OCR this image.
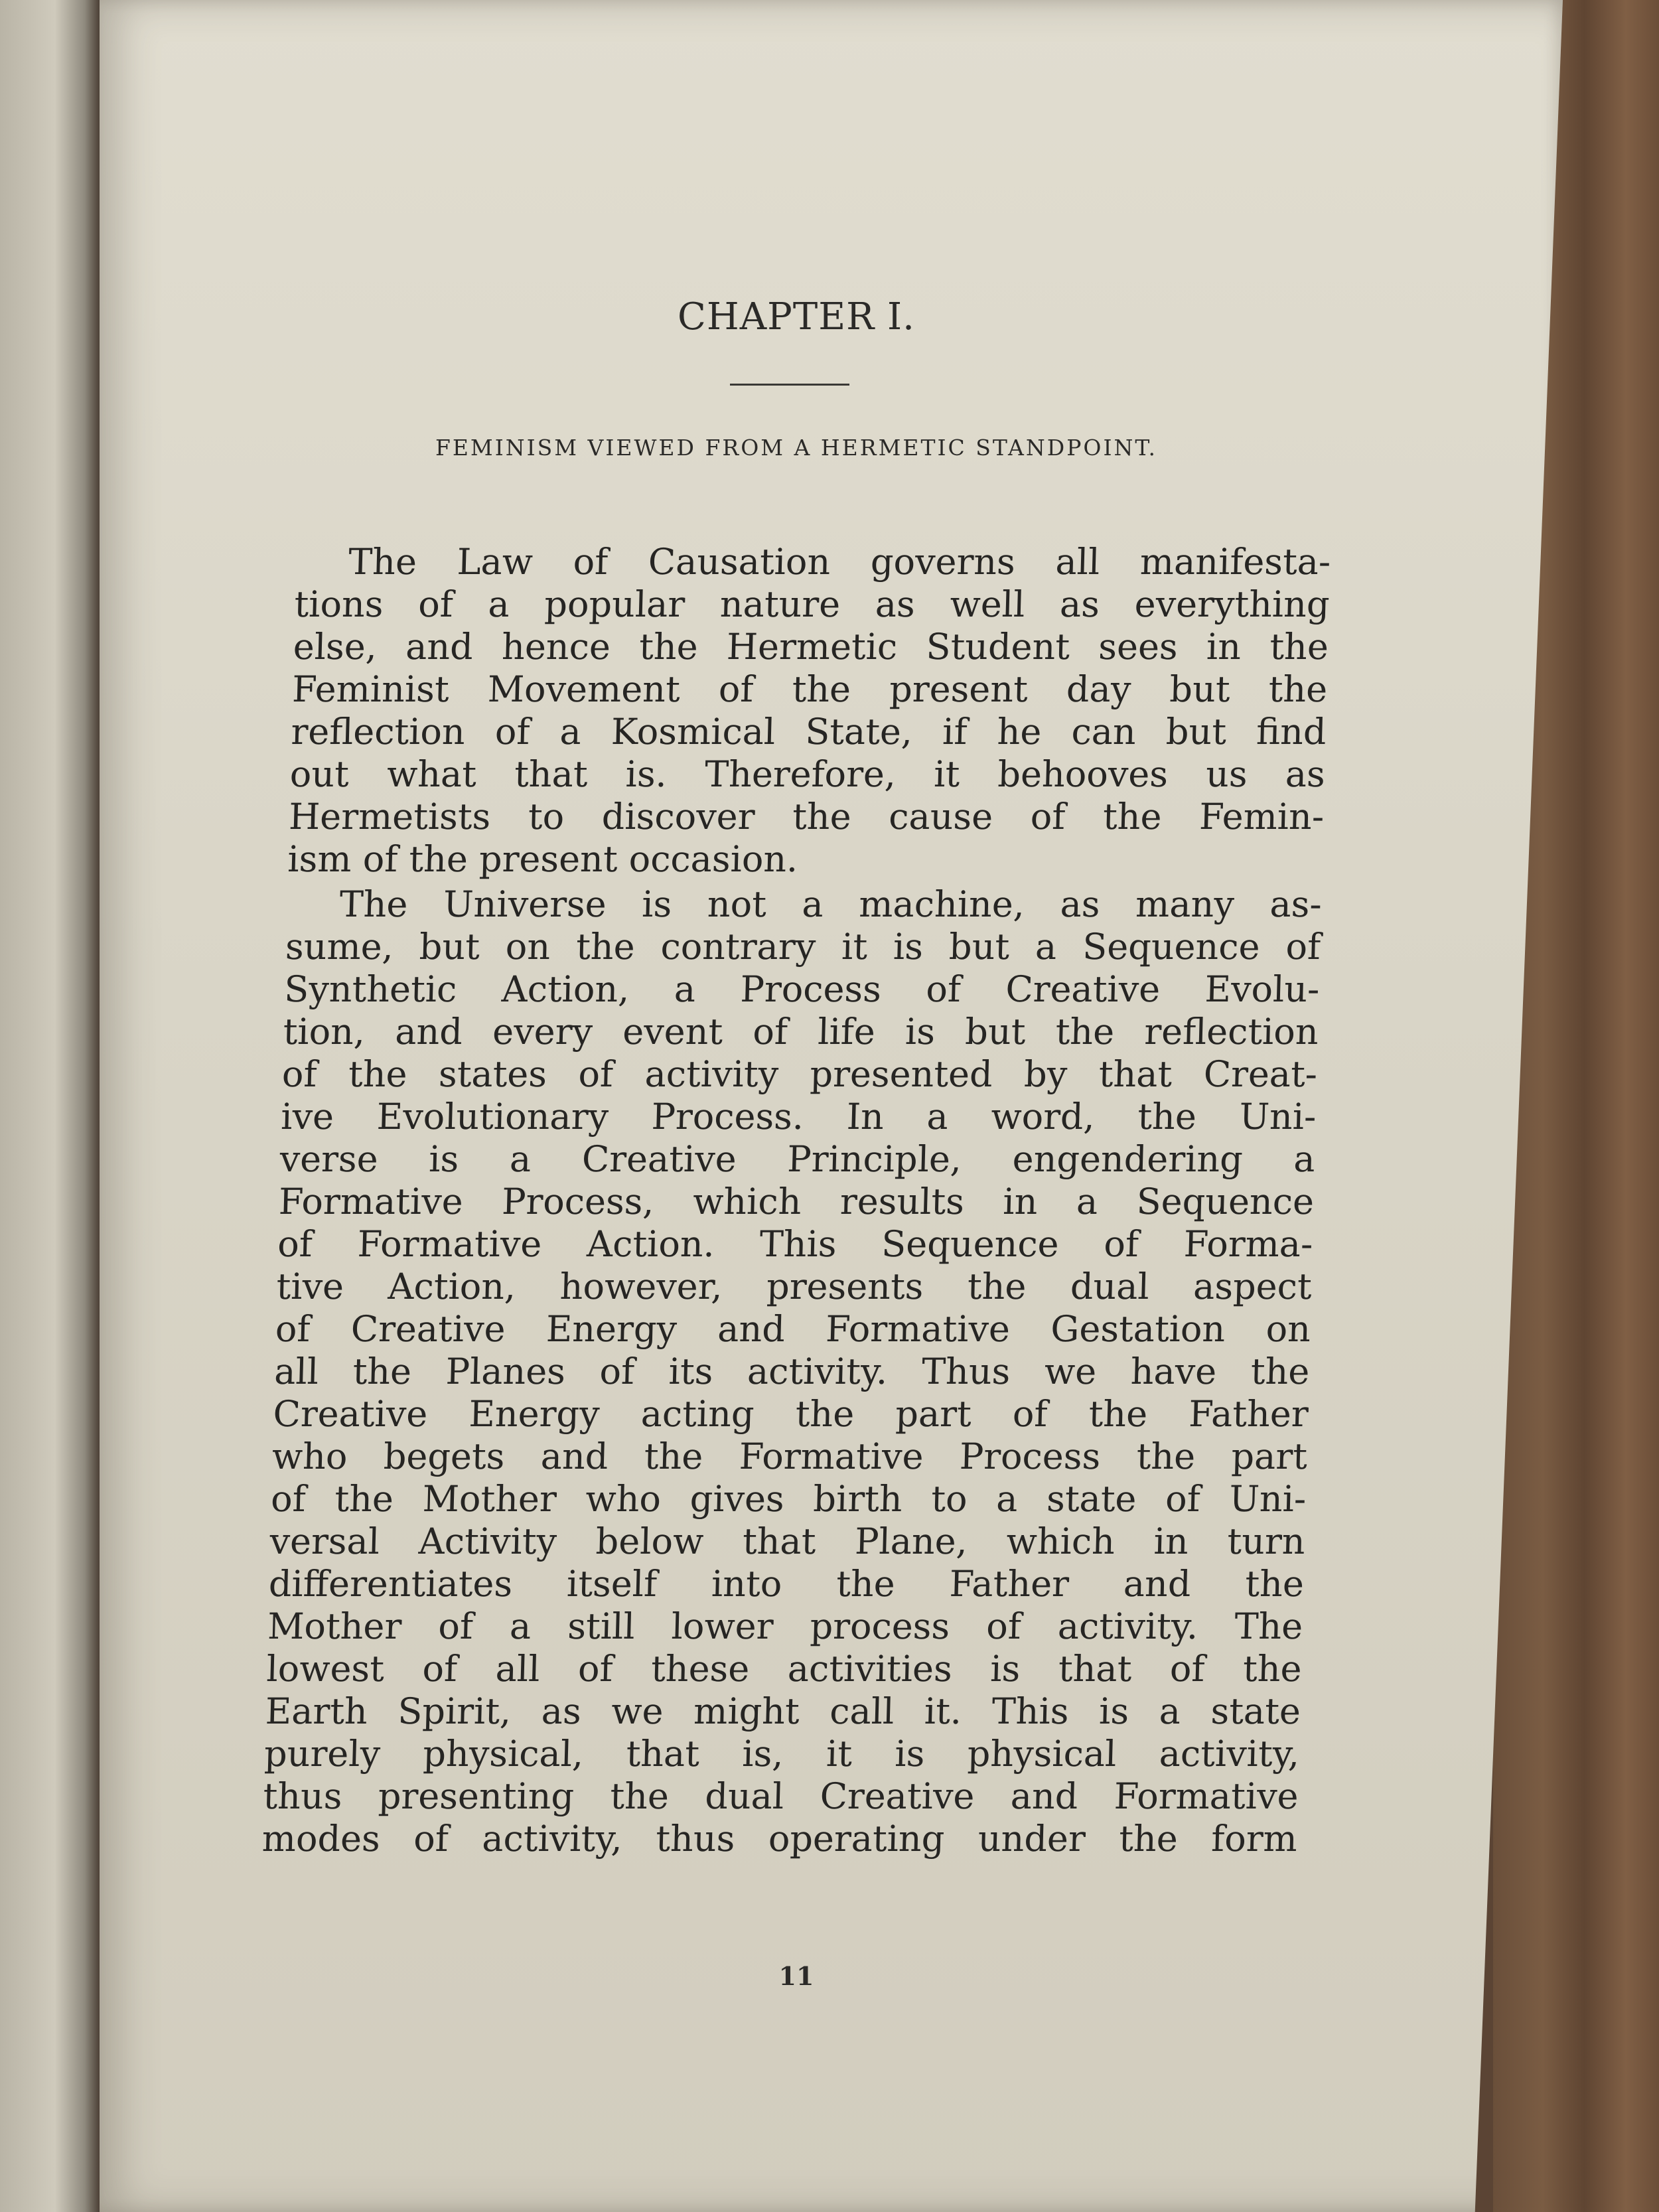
CHAPTER I.
FEMINISM VIEWED FROM A HERMETIC STANDPOINT.
The Law of Causation governs all manifesta-
tions of a popular nature as well as everything
else, and hence the Hermetic Student sees in the
Feminist Movement of the present day but the
reflection of a Kosmical State, if he can but find
out what that is. Therefore, it behooves us as
Hermetists to discover the cause of the Femin-
ism of the present occasion.
The Universe is not a machine, as many as-
sume, but on the contrary it is but a Sequence of
Synthetic Action, a Process of Creative Evolu-
tion, and every event of life is but the reflection
of the states of activity presented by that Creat-
ive Evolutionary Process. In a word, the Uni-
verse is a Creative Principle, engendering a
Formative Process, which results in a Sequence
of Formative Action. This Sequence of Forma-
tive Action, however, presents the dual aspect
of Creative Energy and Formative Gestation on
all the Planes of its activity. Thus we have the
Creative Energy acting the part of the Father
who begets and the Formative Process the part
of the Mother who gives birth to a state of Uni-
versal Activity below that Plane, which in turn
differentiates itself into the Father and the
Mother of a still lower process of activity. The
lowest of all of these activities is that of the
Earth Spirit, as we might call it. This is a state
purely physical, that is, it is physical activity,
thus presenting the dual Creative and Formative
modes of activity, thus operating under the form
11
